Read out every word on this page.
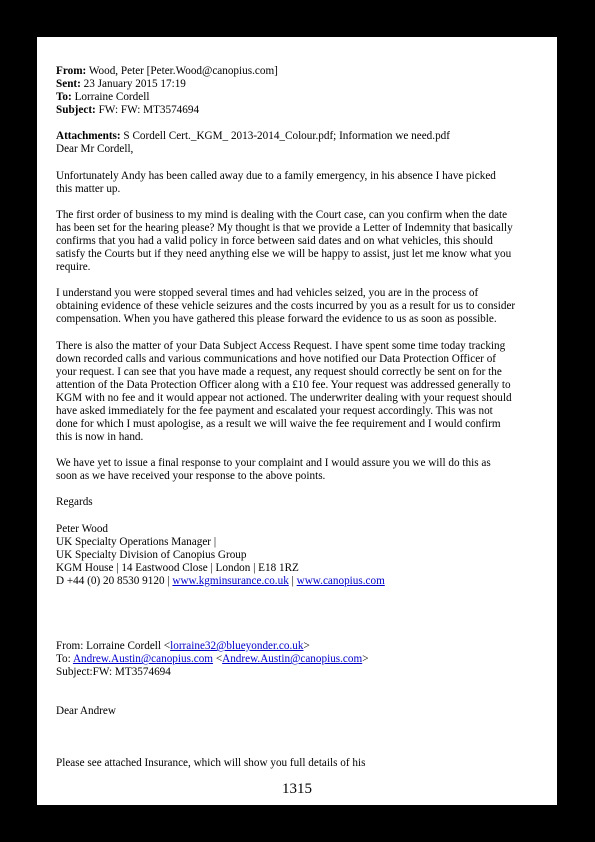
From: Wood, Peter [Peter.Wood@canopius.com]
Sent: 23 January 2015 17:19
To: Lorraine Cordell
Subject: FW: FW: MT3574694
Attachments: S Cordell Cert._KGM_ 2013-2014_Colour.pdf; Information we need.pdf
Dear Mr Cordell,
Unfortunately Andy has been called away due to a family emergency, in his absence I have picked
this matter up.
The first order of business to my mind is dealing with the Court case, can you confirm when the date
has been set for the hearing please? My thought is that we provide a Letter of Indemnity that basically
confirms that you had a valid policy in force between said dates and on what vehicles, this should
satisfy the Courts but if they need anything else we will be happy to assist, just let me know what you
require.
I understand you were stopped several times and had vehicles seized, you are in the process of
obtaining evidence of these vehicle seizures and the costs incurred by you as a result for us to consider
compensation. When you have gathered this please forward the evidence to us as soon as possible.
There is also the matter of your Data Subject Access Request. I have spent some time today tracking
down recorded calls and various communications and hove notified our Data Protection Officer of
your request. I can see that you have made a request, any request should correctly be sent on for the
attention of the Data Protection Officer along with a £10 fee. Your request was addressed generally to
KGM with no fee and it would appear not actioned. The underwriter dealing with your request should
have asked immediately for the fee payment and escalated your request accordingly. This was not
done for which I must apologise, as a result we will waive the fee requirement and I would confirm
this is now in hand.
We have yet to issue a final response to your complaint and I would assure you we will do this as
soon as we have received your response to the above points.
Regards
Peter Wood
UK Specialty Operations Manager |
UK Specialty Division of Canopius Group
KGM House | 14 Eastwood Close | London | E18 1RZ
D +44 (0) 20 8530 9120 | www.kgminsurance.co.uk | www.canopius.com
From: Lorraine Cordell <lorraine32@blueyonder.co.uk>
To: Andrew.Austin@canopius.com <Andrew.Austin@canopius.com>
Subject:FW: MT3574694
Dear Andrew
Please see attached Insurance, which will show you full details of his
1315
